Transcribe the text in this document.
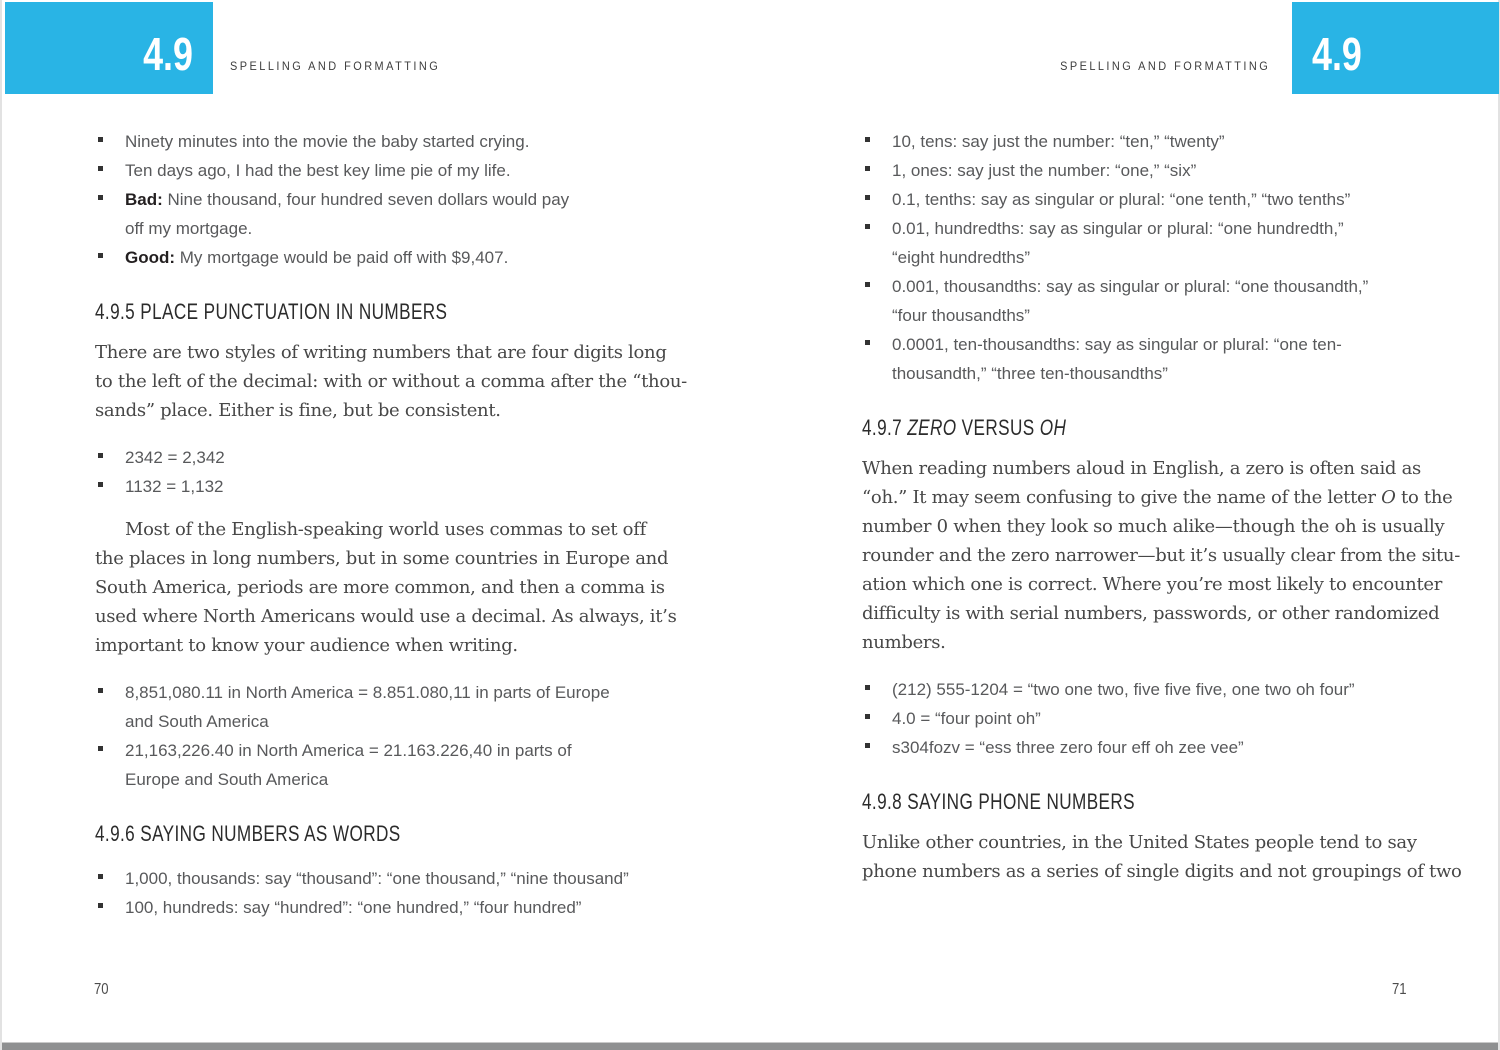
4.9	SPELLING AND FORMATTING	SPELLING AND FORMATTING 4.9
Ninety minutes into the movie the baby started crying.
Ten days ago, I had the best key lime pie of my life.
Bad: Nine thousand, four hundred seven dollars would pay
off my mortgage.
Good: My mortgage would be paid off with $9,407.
4.9.5 PLACE PUNCTUATION IN NUMBERS
There are two styles of writing numbers that are four digits long
to the left of the decimal: with or without a comma after the “thou-
sands” place. Either is fine, but be consistent.
2342 = 2,342
1132 = 1,132
Most of the English-speaking world uses commas to set off
the places in long numbers, but in some countries in Europe and
South America, periods are more common, and then a comma is
used where North Americans would use a decimal. As always, it’s
important to know your audience when writing.
8,851,080.11 in North America = 8.851.080,11 in parts of Europe
and South America
21,163,226.40 in North America = 21.163.226,40 in parts of
Europe and South America
4.9.6 SAYING NUMBERS AS WORDS
1,000, thousands: say “thousand”: “one thousand,” “nine thousand”
100, hundreds: say “hundred”: “one hundred,” “four hundred”
10, tens: say just the number: “ten,” “twenty”
1, ones: say just the number: “one,” “six”
0.1, tenths: say as singular or plural: “one tenth,” “two tenths”
0.01, hundredths: say as singular or plural: “one hundredth,”
“eight hundredths”
0.001, thousandths: say as singular or plural: “one thousandth,”
“four thousandths”
0.0001, ten-thousandths: say as singular or plural: “one ten-
thousandth,” “three ten-thousandths”
4.9.7 ZERO VERSUS OH
When reading numbers aloud in English, a zero is often said as
“oh.” It may seem confusing to give the name of the letter O to the
number 0 when they look so much alike—though the oh is usually
rounder and the zero narrower—but it’s usually clear from the situ-
ation which one is correct. Where you’re most likely to encounter
difficulty is with serial numbers, passwords, or other randomized
numbers.
(212) 555-1204 = “two one two, five five five, one two oh four”
4.0 = “four point oh”
s304fozv = “ess three zero four eff oh zee vee”
4.9.8 SAYING PHONE NUMBERS
Unlike other countries, in the United States people tend to say
phone numbers as a series of single digits and not groupings of two
70	71
